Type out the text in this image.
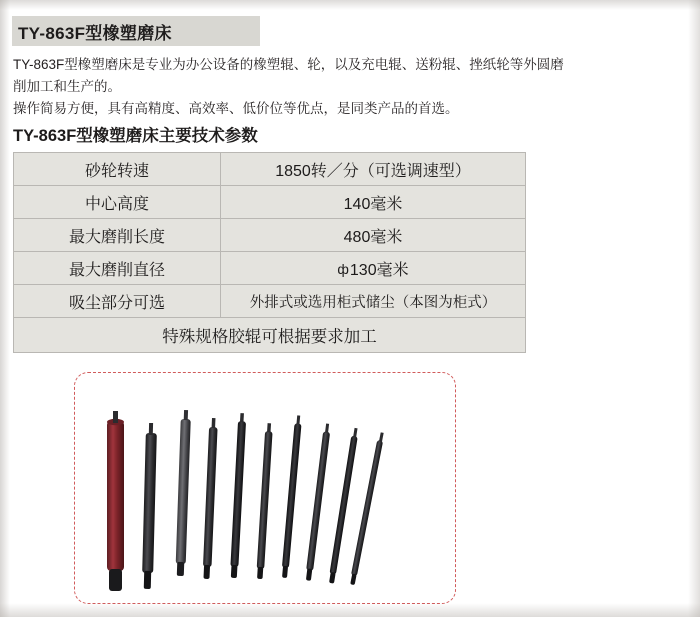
TY-863F型橡塑磨床

TY-863F型橡塑磨床是专业为办公设备的橡塑辊、轮，以及充电辊、送粉辊、挫纸轮等外圆磨

削加工和生产的。

操作简易方便，具有高精度、高效率、低价位等优点，是同类产品的首选。

TY-863F型橡塑磨床主要技术参数
砂轮转速	1850转／分（可选调速型）
中心高度	140毫米
最大磨削长度	480毫米
最大磨削直径	ф130毫米
吸尘部分可选	外排式或选用柜式储尘（本图为柜式）
特殊规格胶辊可根据要求加工	
